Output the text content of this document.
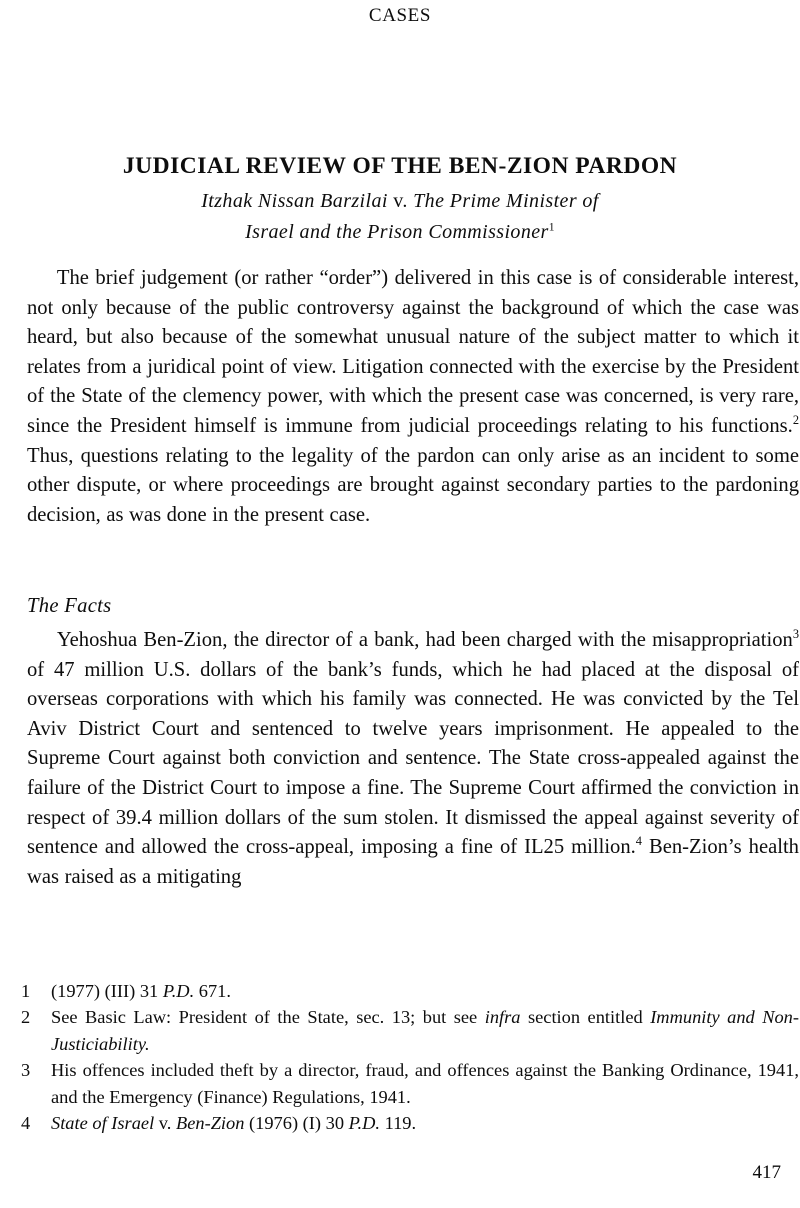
CASES
JUDICIAL REVIEW OF THE BEN-ZION PARDON
Itzhak Nissan Barzilai v. The Prime Minister of
Israel and the Prison Commissioner$^1$

The brief judgement (or rather “order”) delivered in this case is of considerable interest, not only because of the public controversy against the background of which the case was heard, but also because of the somewhat unusual nature of the subject matter to which it relates from a juridical point of view. Litigation connected with the exercise by the President of the State of the clemency power, with which the present case was concerned, is very rare, since the President himself is immune from judicial proceedings relating to his functions.$^2$ Thus, questions relating to the legality of the pardon can only arise as an incident to some other dispute, or where proceedings are brought against secondary parties to the pardoning decision, as was done in the present case.

The Facts

Yehoshua Ben-Zion, the director of a bank, had been charged with the misappropriation$^3$ of 47 million U.S. dollars of the bank’s funds, which he had placed at the disposal of overseas corporations with which his family was connected. He was convicted by the Tel Aviv District Court and sentenced to twelve years imprisonment. He appealed to the Supreme Court against both conviction and sentence. The State cross-appealed against the failure of the District Court to impose a fine. The Supreme Court affirmed the conviction in respect of 39.4 million dollars of the sum stolen. It dismissed the appeal against severity of sentence and allowed the cross-appeal, imposing a fine of IL25 million.$^4$ Ben-Zion’s health was raised as a mitigating

1	(1977) (III) 31 P.D. 671.
2	See Basic Law: President of the State, sec. 13; but see infra section entitled Immunity and Non-Justiciability.
3	His offences included theft by a director, fraud, and offences against the Banking Ordinance, 1941, and the Emergency (Finance) Regulations, 1941.
4	State of Israel v. Ben-Zion (1976) (I) 30 P.D. 119.
417
